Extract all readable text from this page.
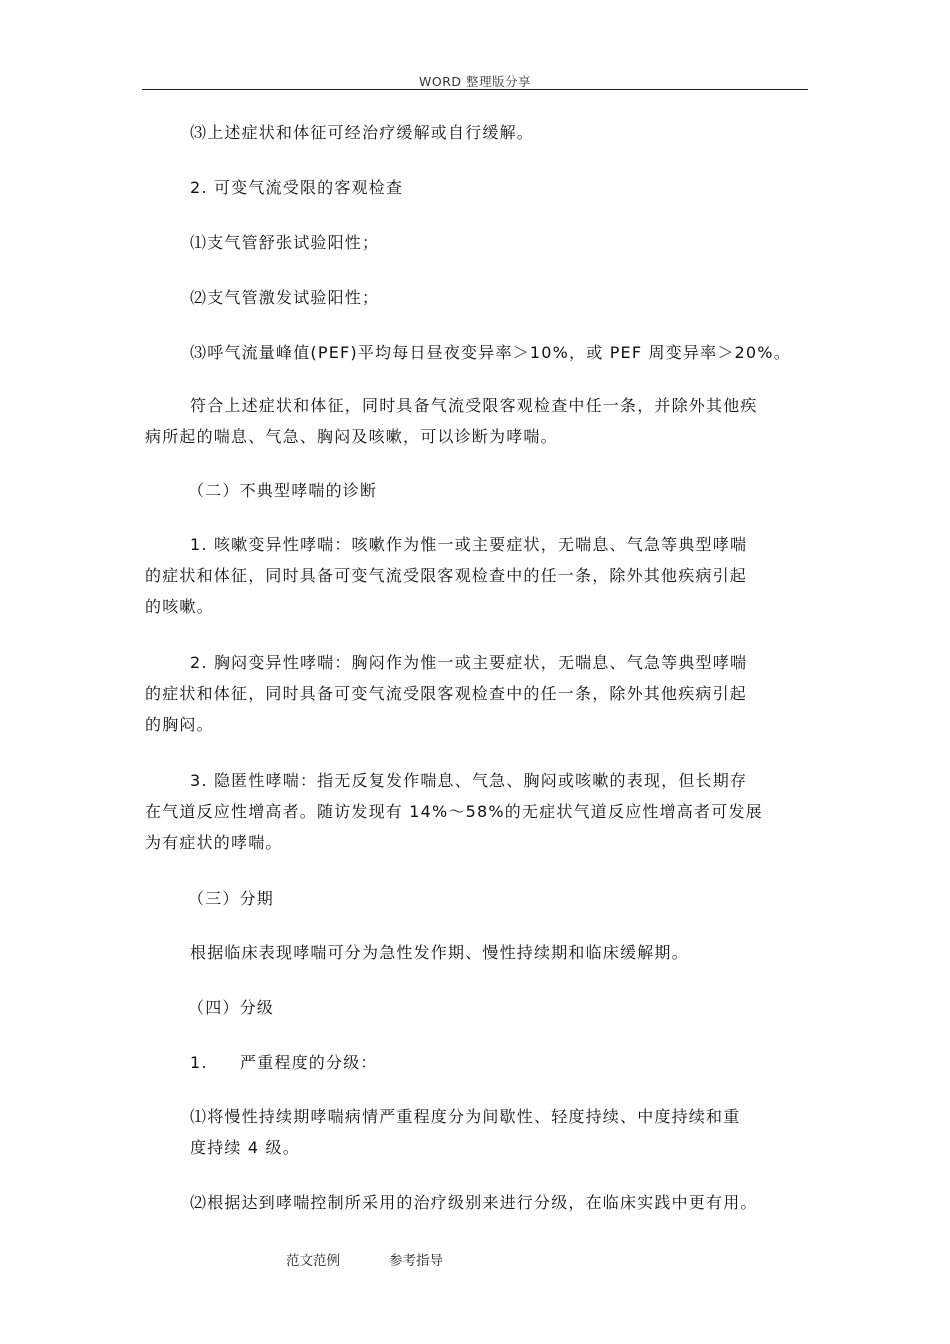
WORD 整理版分享

⑶上述症状和体征可经治疗缓解或自行缓解。

2. 可变气流受限的客观检查

⑴支气管舒张试验阳性；

⑵支气管激发试验阳性；

⑶呼气流量峰值(PEF)平均每日昼夜变异率＞10%，或 PEF 周变异率＞20%。

符合上述症状和体征，同时具备气流受限客观检查中任一条，并除外其他疾

病所起的喘息、气急、胸闷及咳嗽，可以诊断为哮喘。

（二）不典型哮喘的诊断

1. 咳嗽变异性哮喘：咳嗽作为惟一或主要症状，无喘息、气急等典型哮喘

的症状和体征，同时具备可变气流受限客观检查中的任一条，除外其他疾病引起

的咳嗽。

2. 胸闷变异性哮喘：胸闷作为惟一或主要症状，无喘息、气急等典型哮喘

的症状和体征，同时具备可变气流受限客观检查中的任一条，除外其他疾病引起

的胸闷。

3. 隐匿性哮喘：指无反复发作喘息、气急、胸闷或咳嗽的表现，但长期存

在气道反应性增高者。随访发现有 14%～58%的无症状气道反应性增高者可发展

为有症状的哮喘。

（三）分期

根据临床表现哮喘可分为急性发作期、慢性持续期和临床缓解期。

（四）分级

1. 严重程度的分级：

⑴将慢性持续期哮喘病情严重程度分为间歇性、轻度持续、中度持续和重

度持续 4 级。

⑵根据达到哮喘控制所采用的治疗级别来进行分级，在临床实践中更有用。

范文范例	参考指导
